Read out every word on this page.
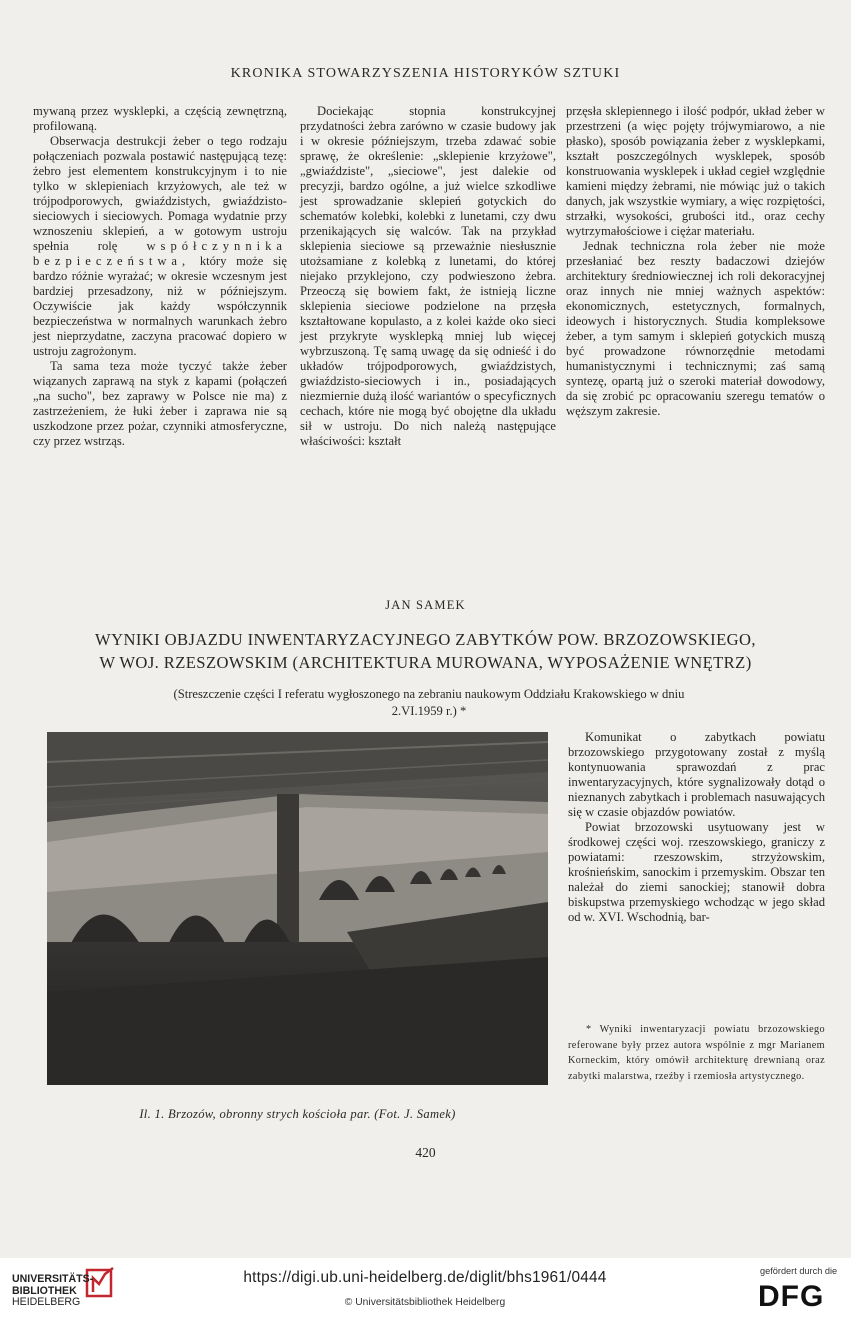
KRONIKA STOWARZYSZENIA HISTORYKÓW SZTUKI

mywaną przez wysklepki, a częścią zewnętrzną, profilowaną.

Obserwacja destrukcji żeber o tego rodzaju połączeniach pozwala postawić następującą tezę: żebro jest elementem konstrukcyjnym i to nie tylko w sklepieniach krzyżowych, ale też w trójpodporowych, gwiaździstych, gwiaździsto-sieciowych i sieciowych. Pomaga wydatnie przy wznoszeniu sklepień, a w gotowym ustroju spełnia rolę współczynnika bezpieczeństwa, który może się bardzo różnie wyrażać; w okresie wczesnym jest bardziej przesadzony, niż w późniejszym. Oczywiście jak każdy współczynnik bezpieczeństwa w normalnych warunkach żebro jest nieprzydatne, zaczyna pracować dopiero w ustroju zagrożonym.

Ta sama teza może tyczyć także żeber wiązanych zaprawą na styk z kapami (połączeń „na sucho", bez zaprawy w Polsce nie ma) z zastrzeżeniem, że łuki żeber i zaprawa nie są uszkodzone przez pożar, czynniki atmosferyczne, czy przez wstrząs.

Dociekając stopnia konstrukcyjnej przydatności żebra zarówno w czasie budowy jak i w okresie późniejszym, trzeba zdawać sobie sprawę, że określenie: „sklepienie krzyżowe", „gwiaździste", „sieciowe", jest dalekie od precyzji, bardzo ogólne, a już wielce szkodliwe jest sprowadzanie sklepień gotyckich do schematów kolebki, kolebki z lunetami, czy dwu przenikających się walców. Tak na przykład sklepienia sieciowe są przeważnie niesłusznie utożsamiane z kolebką z lunetami, do której niejako przyklejono, czy podwieszono żebra. Przeoczą się bowiem fakt, że istnieją liczne sklepienia sieciowe podzielone na przęsła kształtowane kopulasto, a z kolei każde oko sieci jest przykryte wysklepką mniej lub więcej wybrzuszoną. Tę samą uwagę da się odnieść i do układów trójpodporowych, gwiaździstych, gwiaździsto-sieciowych i in., posiadających niezmiernie dużą ilość wariantów o specyficznych cechach, które nie mogą być obojętne dla układu sił w ustroju. Do nich należą następujące właściwości: kształt

przęsła sklepiennego i ilość podpór, układ żeber w przestrzeni (a więc pojęty trójwymiarowo, a nie płasko), sposób powiązania żeber z wysklepkami, kształt poszczególnych wysklepek, sposób konstruowania wysklepek i układ cegieł względnie kamieni między żebrami, nie mówiąc już o takich danych, jak wszystkie wymiary, a więc rozpiętości, strzałki, wysokości, grubości itd., oraz cechy wytrzymałościowe i ciężar materiału.

Jednak techniczna rola żeber nie może przesłaniać bez reszty badaczowi dziejów architektury średniowiecznej ich roli dekoracyjnej oraz innych nie mniej ważnych aspektów: ekonomicznych, estetycznych, formalnych, ideowych i historycznych. Studia kompleksowe żeber, a tym samym i sklepień gotyckich muszą być prowadzone równorzędnie metodami humanistycznymi i technicznymi; zaś samą syntezę, opartą już o szeroki materiał dowodowy, da się zrobić pc opracowaniu szeregu tematów o węższym zakresie.

JAN SAMEK
WYNIKI OBJAZDU INWENTARYZACYJNEGO ZABYTKÓW POW. BRZOZOWSKIEGO,
W WOJ. RZESZOWSKIM (ARCHITEKTURA MUROWANA, WYPOSAŻENIE WNĘTRZ)
(Streszczenie części I referatu wygłoszonego na zebraniu naukowym Oddziału Krakowskiego w dniu
2.VI.1959 r.) *
Il. 1. Brzozów, obronny strych kościoła par. (Fot. J. Samek)

Komunikat o zabytkach powiatu brzozowskiego przygotowany został z myślą kontynuowania sprawozdań z prac inwentaryzacyjnych, które sygnalizowały dotąd o nieznanych zabytkach i problemach nasuwających się w czasie objazdów powiatów.

Powiat brzozowski usytuowany jest w środkowej części woj. rzeszowskiego, graniczy z powiatami: rzeszowskim, strzyżowskim, krośnieńskim, sanockim i przemyskim. Obszar ten należał do ziemi sanockiej; stanowił dobra biskupstwa przemyskiego wchodząc w jego skład od w. XVI. Wschodnią, bar-

* Wyniki inwentaryzacji powiatu brzozowskiego referowane były przez autora wspólnie z mgr Marianem Korneckim, który omówił architekturę drewnianą oraz zabytki malarstwa, rzeźby i rzemiosła artystycznego.

420
UNIVERSITÄTS-
BIBLIOTHEK
HEIDELBERG
https://digi.ub.uni-heidelberg.de/diglit/bhs1961/0444
© Universitätsbibliothek Heidelberg
gefördert durch die
DFG
